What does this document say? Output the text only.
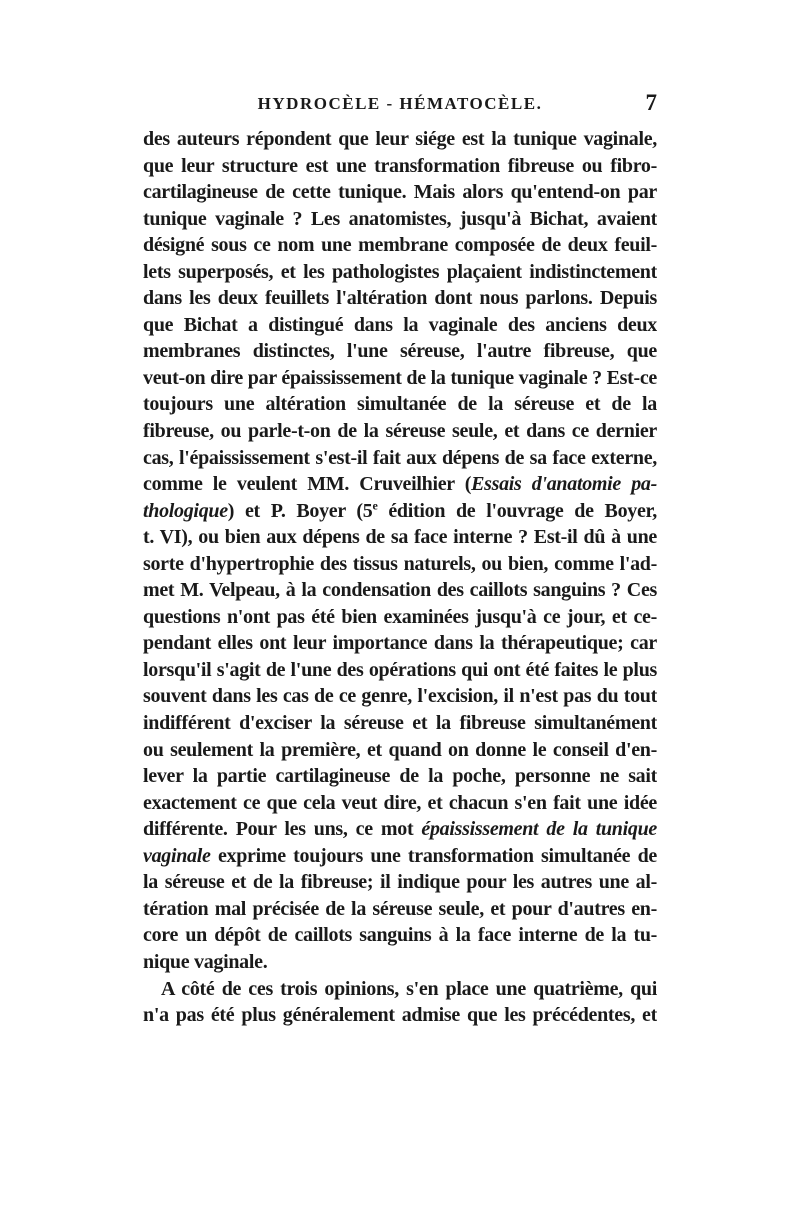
HYDROCÈLE - HÉMATOCÈLE.	7
des auteurs répondent que leur siége est la tunique vaginale,
que leur structure est une transformation fibreuse ou fibro-
cartilagineuse de cette tunique. Mais alors qu'entend-on par
tunique vaginale ? Les anatomistes, jusqu'à Bichat, avaient
désigné sous ce nom une membrane composée de deux feuil-
lets superposés, et les pathologistes plaçaient indistinctement
dans les deux feuillets l'altération dont nous parlons. Depuis
que Bichat a distingué dans la vaginale des anciens deux
membranes distinctes, l'une séreuse, l'autre fibreuse, que
veut-on dire par épaississement de la tunique vaginale ? Est-ce
toujours une altération simultanée de la séreuse et de la
fibreuse, ou parle-t-on de la séreuse seule, et dans ce dernier
cas, l'épaississement s'est-il fait aux dépens de sa face externe,
comme le veulent MM. Cruveilhier (Essais d'anatomie pa-
thologique) et P. Boyer (5e édition de l'ouvrage de Boyer,
t. VI), ou bien aux dépens de sa face interne ? Est-il dû à une
sorte d'hypertrophie des tissus naturels, ou bien, comme l'ad-
met M. Velpeau, à la condensation des caillots sanguins ? Ces
questions n'ont pas été bien examinées jusqu'à ce jour, et ce-
pendant elles ont leur importance dans la thérapeutique; car
lorsqu'il s'agit de l'une des opérations qui ont été faites le plus
souvent dans les cas de ce genre, l'excision, il n'est pas du tout
indifférent d'exciser la séreuse et la fibreuse simultanément
ou seulement la première, et quand on donne le conseil d'en-
lever la partie cartilagineuse de la poche, personne ne sait
exactement ce que cela veut dire, et chacun s'en fait une idée
différente. Pour les uns, ce mot épaississement de la tunique
vaginale exprime toujours une transformation simultanée de
la séreuse et de la fibreuse; il indique pour les autres une al-
tération mal précisée de la séreuse seule, et pour d'autres en-
core un dépôt de caillots sanguins à la face interne de la tu-
nique vaginale.
A côté de ces trois opinions, s'en place une quatrième, qui
n'a pas été plus généralement admise que les précédentes, et
